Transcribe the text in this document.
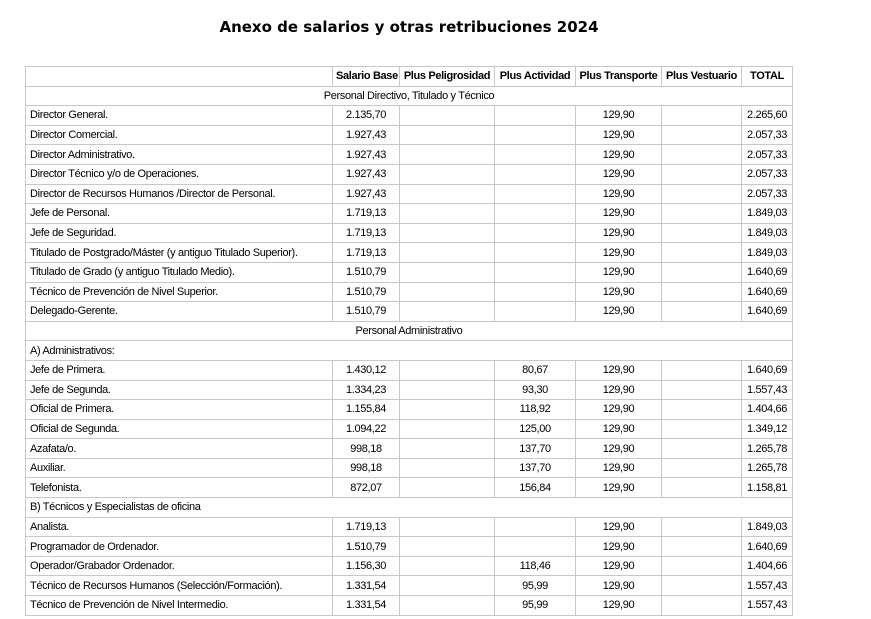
Anexo de salarios y otras retribuciones 2024
	Salario Base	Plus Peligrosidad	Plus Actividad	Plus Transporte	Plus Vestuario	TOTAL
Personal Directivo, Titulado y Técnico						
Director General.	2.135,70			129,90		2.265,60
Director Comercial.	1.927,43			129,90		2.057,33
Director Administrativo.	1.927,43			129,90		2.057,33
Director Técnico y/o de Operaciones.	1.927,43			129,90		2.057,33
Director de Recursos Humanos /Director de Personal.	1.927,43			129,90		2.057,33
Jefe de Personal.	1.719,13			129,90		1.849,03
Jefe de Seguridad.	1.719,13			129,90		1.849,03
Titulado de Postgrado/Máster (y antiguo Titulado Superior).	1.719,13			129,90		1.849,03
Titulado de Grado (y antiguo Titulado Medio).	1.510,79			129,90		1.640,69
Técnico de Prevención de Nivel Superior.	1.510,79			129,90		1.640,69
Delegado-Gerente.	1.510,79			129,90		1.640,69
Personal Administrativo						
A) Administrativos:						
Jefe de Primera.	1.430,12		80,67	129,90		1.640,69
Jefe de Segunda.	1.334,23		93,30	129,90		1.557,43
Oficial de Primera.	1.155,84		118,92	129,90		1.404,66
Oficial de Segunda.	1.094,22		125,00	129,90		1.349,12
Azafata/o.	998,18		137,70	129,90		1.265,78
Auxiliar.	998,18		137,70	129,90		1.265,78
Telefonista.	872,07		156,84	129,90		1.158,81
B) Técnicos y Especialistas de oficina						
Analista.	1.719,13			129,90		1.849,03
Programador de Ordenador.	1.510,79			129,90		1.640,69
Operador/Grabador Ordenador.	1.156,30		118,46	129,90		1.404,66
Técnico de Recursos Humanos (Selección/Formación).	1.331,54		95,99	129,90		1.557,43
Técnico de Prevención de Nivel Intermedio.	1.331,54		95,99	129,90		1.557,43
